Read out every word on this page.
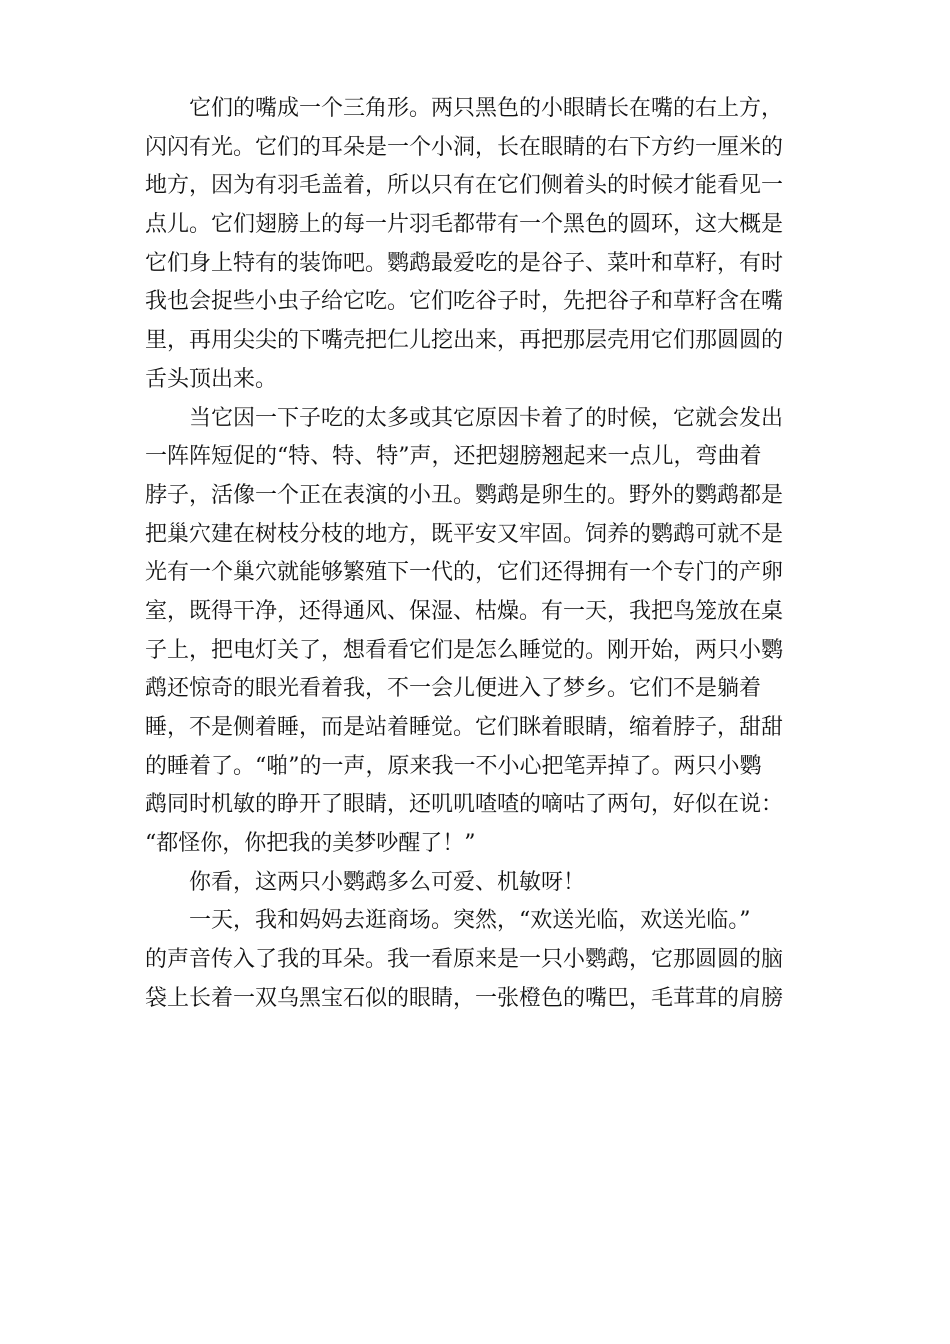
它们的嘴成一个三角形。两只黑色的小眼睛长在嘴的右上方，
闪闪有光。它们的耳朵是一个小洞，长在眼睛的右下方约一厘米的
地方，因为有羽毛盖着，所以只有在它们侧着头的时候才能看见一
点儿。它们翅膀上的每一片羽毛都带有一个黑色的圆环，这大概是
它们身上特有的装饰吧。鹦鹉最爱吃的是谷子、菜叶和草籽，有时
我也会捉些小虫子给它吃。它们吃谷子时，先把谷子和草籽含在嘴
里，再用尖尖的下嘴壳把仁儿挖出来，再把那层壳用它们那圆圆的
舌头顶出来。
当它因一下子吃的太多或其它原因卡着了的时候，它就会发出
一阵阵短促的“特、特、特”声，还把翅膀翘起来一点儿，弯曲着
脖子，活像一个正在表演的小丑。鹦鹉是卵生的。野外的鹦鹉都是
把巢穴建在树枝分枝的地方，既平安又牢固。饲养的鹦鹉可就不是
光有一个巢穴就能够繁殖下一代的，它们还得拥有一个专门的产卵
室，既得干净，还得通风、保湿、枯燥。有一天，我把鸟笼放在桌
子上，把电灯关了，想看看它们是怎么睡觉的。刚开始，两只小鹦
鹉还惊奇的眼光看着我，不一会儿便进入了梦乡。它们不是躺着
睡，不是侧着睡，而是站着睡觉。它们眯着眼睛，缩着脖子，甜甜
的睡着了。“啪”的一声，原来我一不小心把笔弄掉了。两只小鹦
鹉同时机敏的睁开了眼睛，还叽叽喳喳的嘀咕了两句，好似在说：
“都怪你，你把我的美梦吵醒了！”
你看，这两只小鹦鹉多么可爱、机敏呀！
一天，我和妈妈去逛商场。突然，“欢送光临，欢送光临。”
的声音传入了我的耳朵。我一看原来是一只小鹦鹉，它那圆圆的脑
袋上长着一双乌黑宝石似的眼睛，一张橙色的嘴巴，毛茸茸的肩膀
